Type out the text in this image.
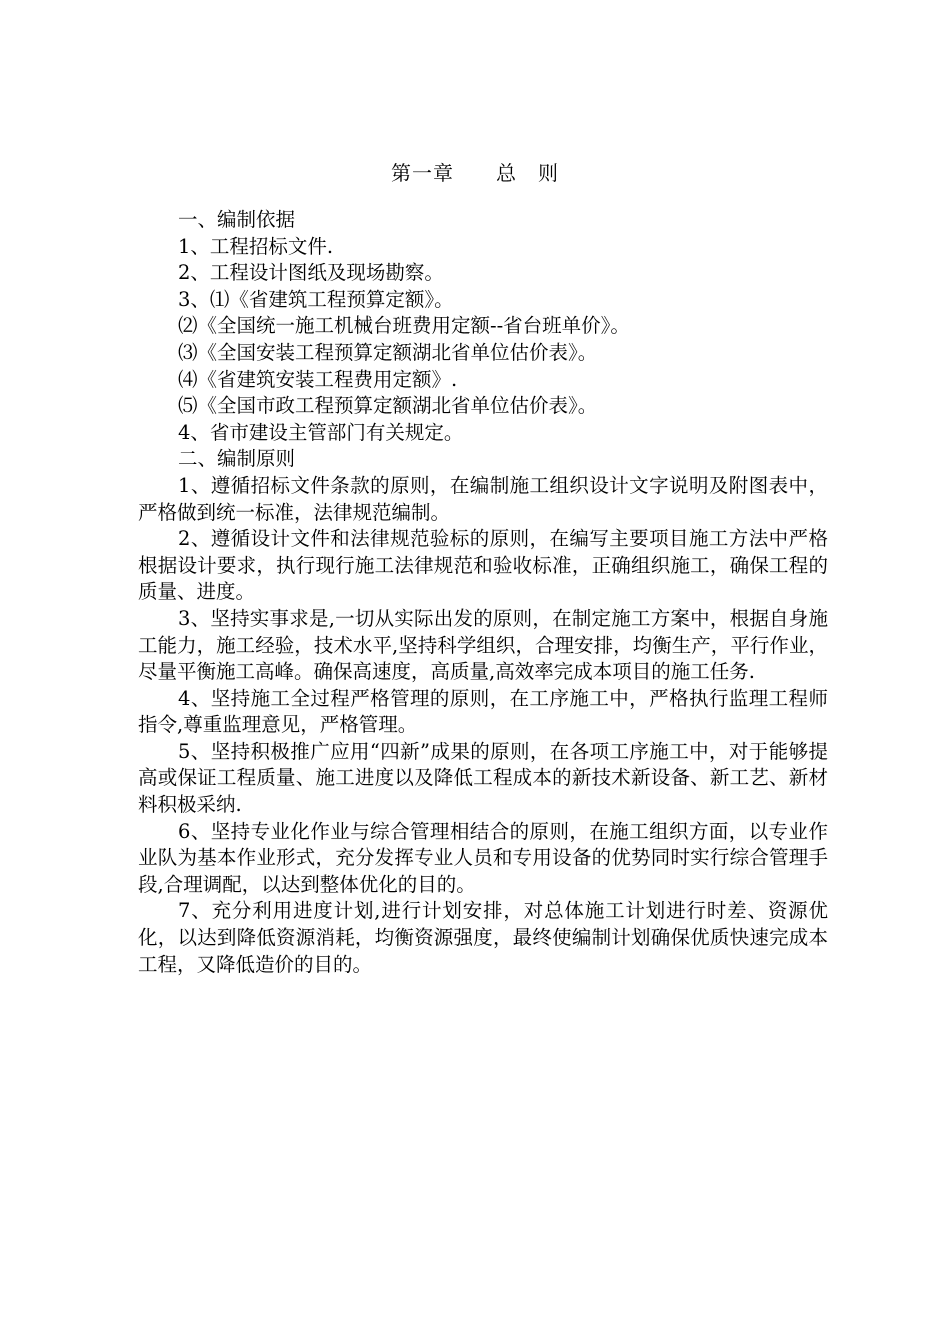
第一章　　总　则

一、编制依据

1、工程招标文件.

2、工程设计图纸及现场勘察。

3、⑴《省建筑工程预算定额》。

⑵《全国统一施工机械台班费用定额--省台班单价》。

⑶《全国安装工程预算定额湖北省单位估价表》。

⑷《省建筑安装工程费用定额》.

⑸《全国市政工程预算定额湖北省单位估价表》。

4、省市建设主管部门有关规定。

二、编制原则

1、遵循招标文件条款的原则，在编制施工组织设计文字说明及附图表中，严格做到统一标准，法律规范编制。

2、遵循设计文件和法律规范验标的原则，在编写主要项目施工方法中严格根据设计要求，执行现行施工法律规范和验收标准，正确组织施工，确保工程的质量、进度。

3、坚持实事求是,一切从实际出发的原则，在制定施工方案中，根据自身施工能力，施工经验，技术水平,坚持科学组织，合理安排，均衡生产，平行作业，尽量平衡施工高峰。确保高速度，高质量,高效率完成本项目的施工任务.

4、坚持施工全过程严格管理的原则，在工序施工中，严格执行监理工程师指令,尊重监理意见，严格管理。

5、坚持积极推广应用“四新”成果的原则，在各项工序施工中，对于能够提高或保证工程质量、施工进度以及降低工程成本的新技术新设备、新工艺、新材料积极采纳.

6、坚持专业化作业与综合管理相结合的原则，在施工组织方面，以专业作业队为基本作业形式，充分发挥专业人员和专用设备的优势同时实行综合管理手段,合理调配，以达到整体优化的目的。

7、充分利用进度计划,进行计划安排，对总体施工计划进行时差、资源优化，以达到降低资源消耗，均衡资源强度，最终使编制计划确保优质快速完成本工程，又降低造价的目的。
